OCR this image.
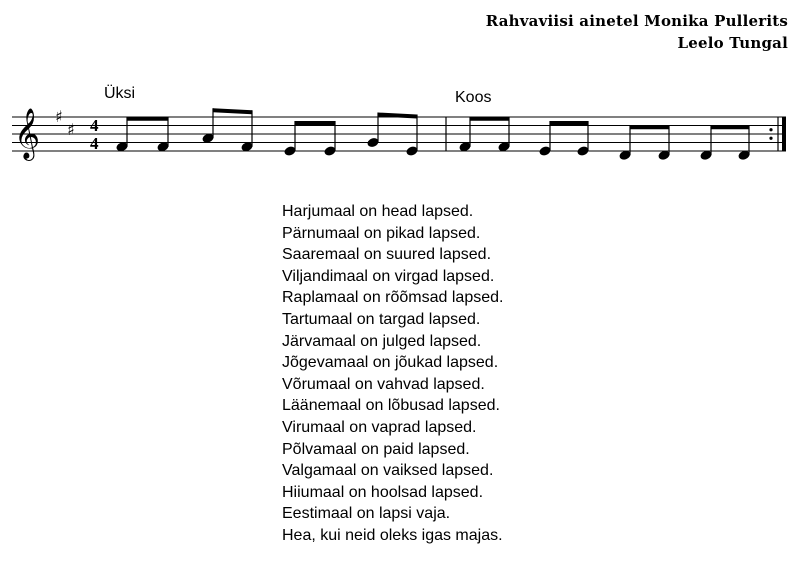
Rahvaviisi ainetel Monika Pullerits
Leelo Tungal
Üksi	Koos
𝄞 ♯
♯ 4
4
Harjumaal on head lapsed.
Pärnumaal on pikad lapsed.
Saaremaal on suured lapsed.
Viljandimaal on virgad lapsed.
Raplamaal on rõõmsad lapsed.
Tartumaal on targad lapsed.
Järvamaal on julged lapsed.
Jõgevamaal on jõukad lapsed.
Võrumaal on vahvad lapsed.
Läänemaal on lõbusad lapsed.
Virumaal on vaprad lapsed.
Põlvamaal on paid lapsed.
Valgamaal on vaiksed lapsed.
Hiiumaal on hoolsad lapsed.
Eestimaal on lapsi vaja.
Hea, kui neid oleks igas majas.
